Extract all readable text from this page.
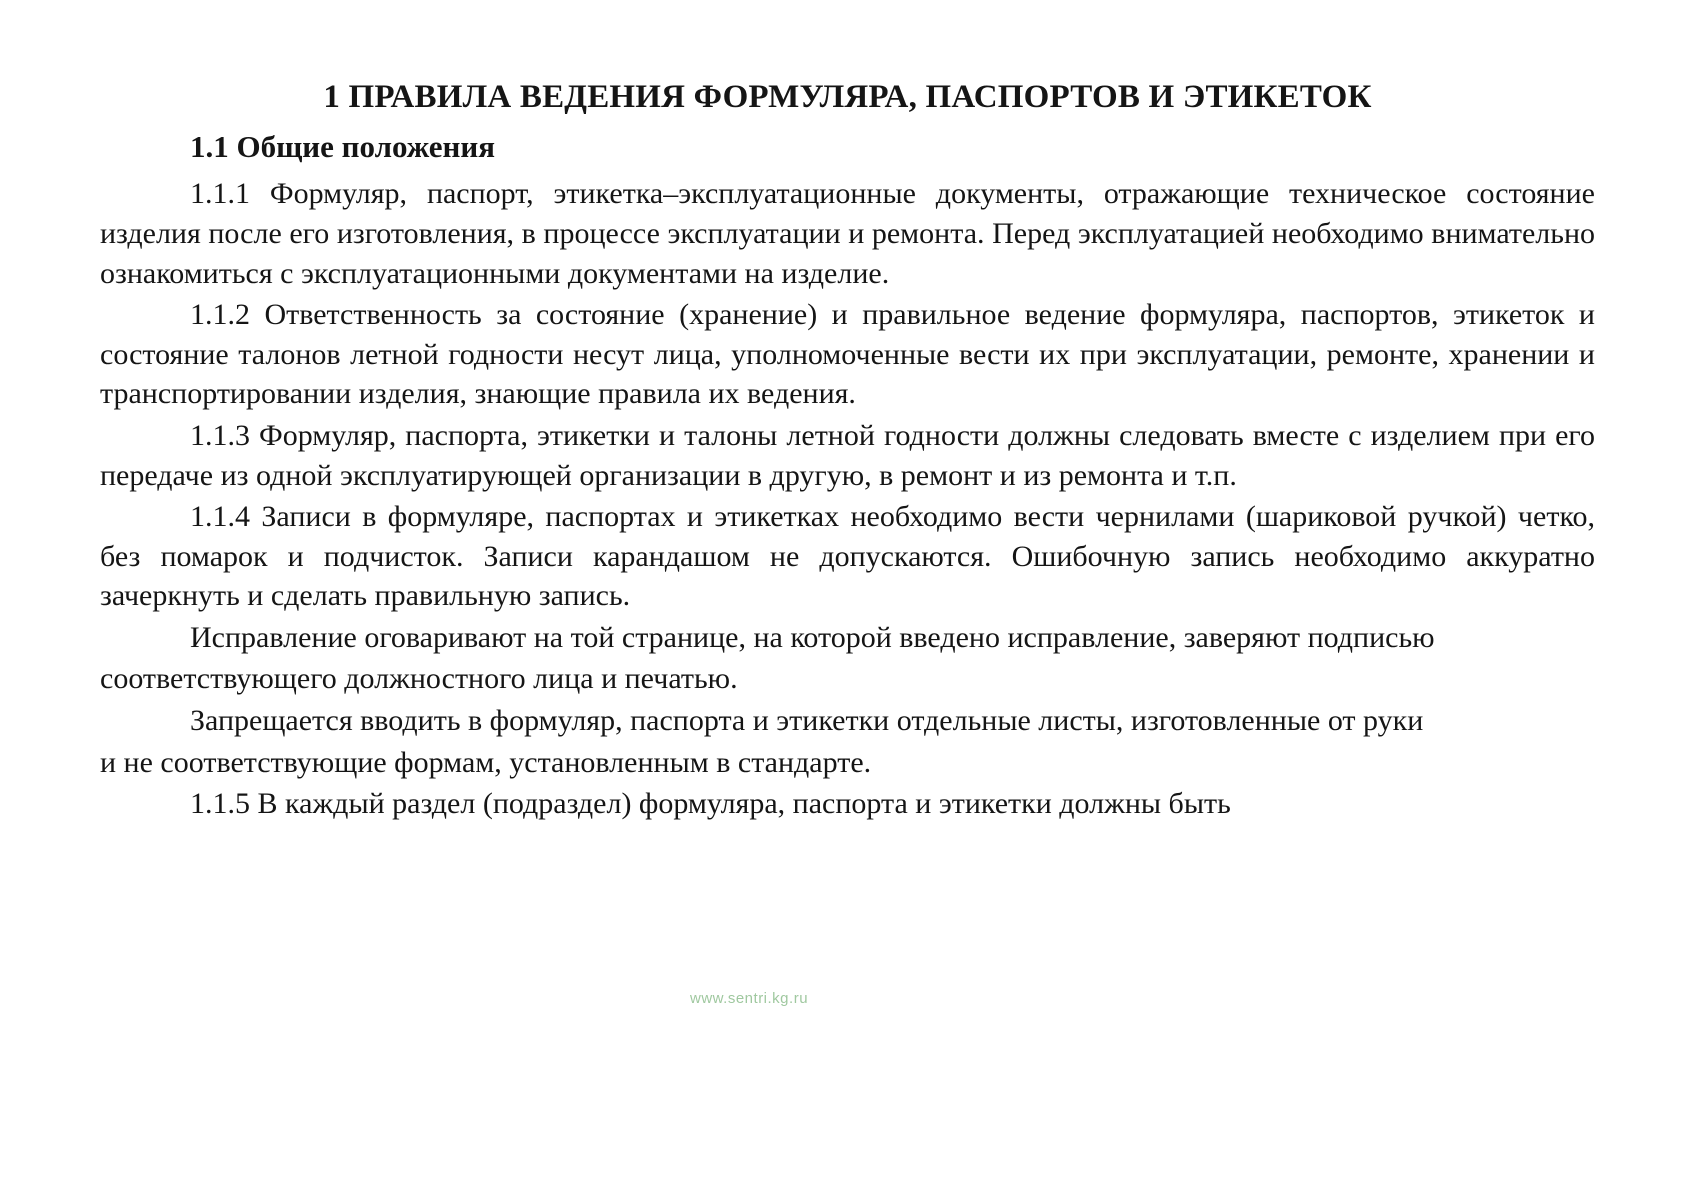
1 ПРАВИЛА ВЕДЕНИЯ ФОРМУЛЯРА, ПАСПОРТОВ И ЭТИКЕТОК
1.1 Общие положения

1.1.1 Формуляр, паспорт, этикетка–эксплуатационные документы, отражающие техническое состояние изделия после его изготовления, в процессе эксплуатации и ремонта. Перед эксплуатацией необходимо внимательно ознакомиться с эксплуатационными документами на изделие.

1.1.2 Ответственность за состояние (хранение) и правильное ведение формуляра, паспортов, этикеток и состояние талонов летной годности несут лица, уполномоченные вести их при эксплуатации, ремонте, хранении и транспортировании изделия, знающие правила их ведения.

1.1.3 Формуляр, паспорта, этикетки и талоны летной годности должны следовать вместе с изделием при его передаче из одной эксплуатирующей организации в другую, в ремонт и из ремонта и т.п.

1.1.4 Записи в формуляре, паспортах и этикетках необходимо вести чернилами (шариковой ручкой) четко, без помарок и подчисток. Записи карандашом не допускаются. Ошибочную запись необходимо аккуратно зачеркнуть и сделать правильную запись.

Исправление оговаривают на той странице, на которой введено исправление, заверяют подписью

соответствующего должностного лица и печатью.

Запрещается вводить в формуляр, паспорта и этикетки отдельные листы, изготовленные от руки

и не соответствующие формам, установленным в стандарте.

1.1.5 В каждый раздел (подраздел) формуляра, паспорта и этикетки должны быть

www.sentri.kg.ru
